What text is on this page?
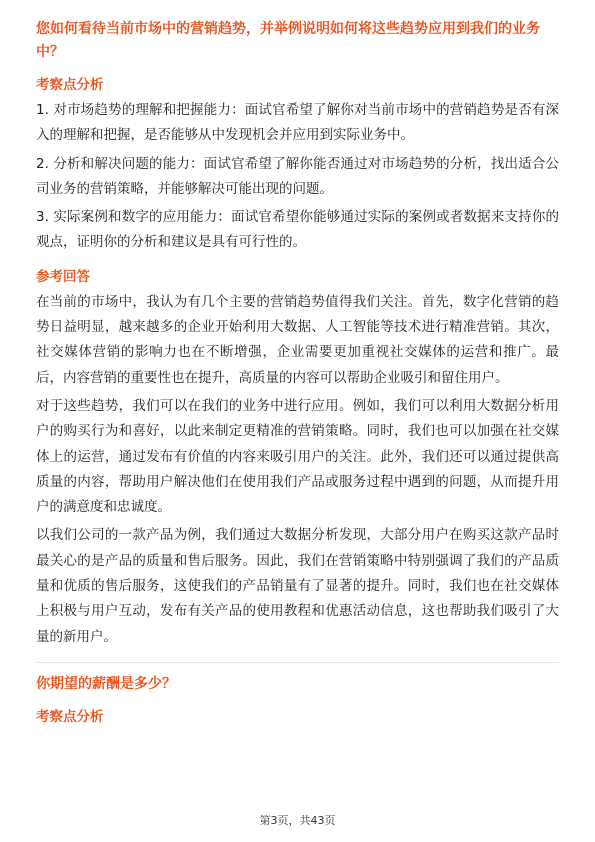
您如何看待当前市场中的营销趋势，并举例说明如何将这些趋势应用到我们的业务中？

考察点分析

1. 对市场趋势的理解和把握能力：面试官希望了解你对当前市场中的营销趋势是否有深入的理解和把握，是否能够从中发现机会并应用到实际业务中。

2. 分析和解决问题的能力：面试官希望了解你能否通过对市场趋势的分析，找出适合公司业务的营销策略，并能够解决可能出现的问题。

3. 实际案例和数字的应用能力：面试官希望你能够通过实际的案例或者数据来支持你的观点，证明你的分析和建议是具有可行性的。

参考回答

在当前的市场中，我认为有几个主要的营销趋势值得我们关注。首先，数字化营销的趋势日益明显，越来越多的企业开始利用大数据、人工智能等技术进行精准营销。其次，社交媒体营销的影响力也在不断增强，企业需要更加重视社交媒体的运营和推广。最后，内容营销的重要性也在提升，高质量的内容可以帮助企业吸引和留住用户。

对于这些趋势，我们可以在我们的业务中进行应用。例如，我们可以利用大数据分析用户的购买行为和喜好，以此来制定更精准的营销策略。同时，我们也可以加强在社交媒体上的运营，通过发布有价值的内容来吸引用户的关注。此外，我们还可以通过提供高质量的内容，帮助用户解决他们在使用我们产品或服务过程中遇到的问题，从而提升用户的满意度和忠诚度。

以我们公司的一款产品为例，我们通过大数据分析发现，大部分用户在购买这款产品时最关心的是产品的质量和售后服务。因此，我们在营销策略中特别强调了我们的产品质量和优质的售后服务，这使我们的产品销量有了显著的提升。同时，我们也在社交媒体上积极与用户互动，发布有关产品的使用教程和优惠活动信息，这也帮助我们吸引了大量的新用户。

你期望的薪酬是多少？

考察点分析
第3页，共43页
